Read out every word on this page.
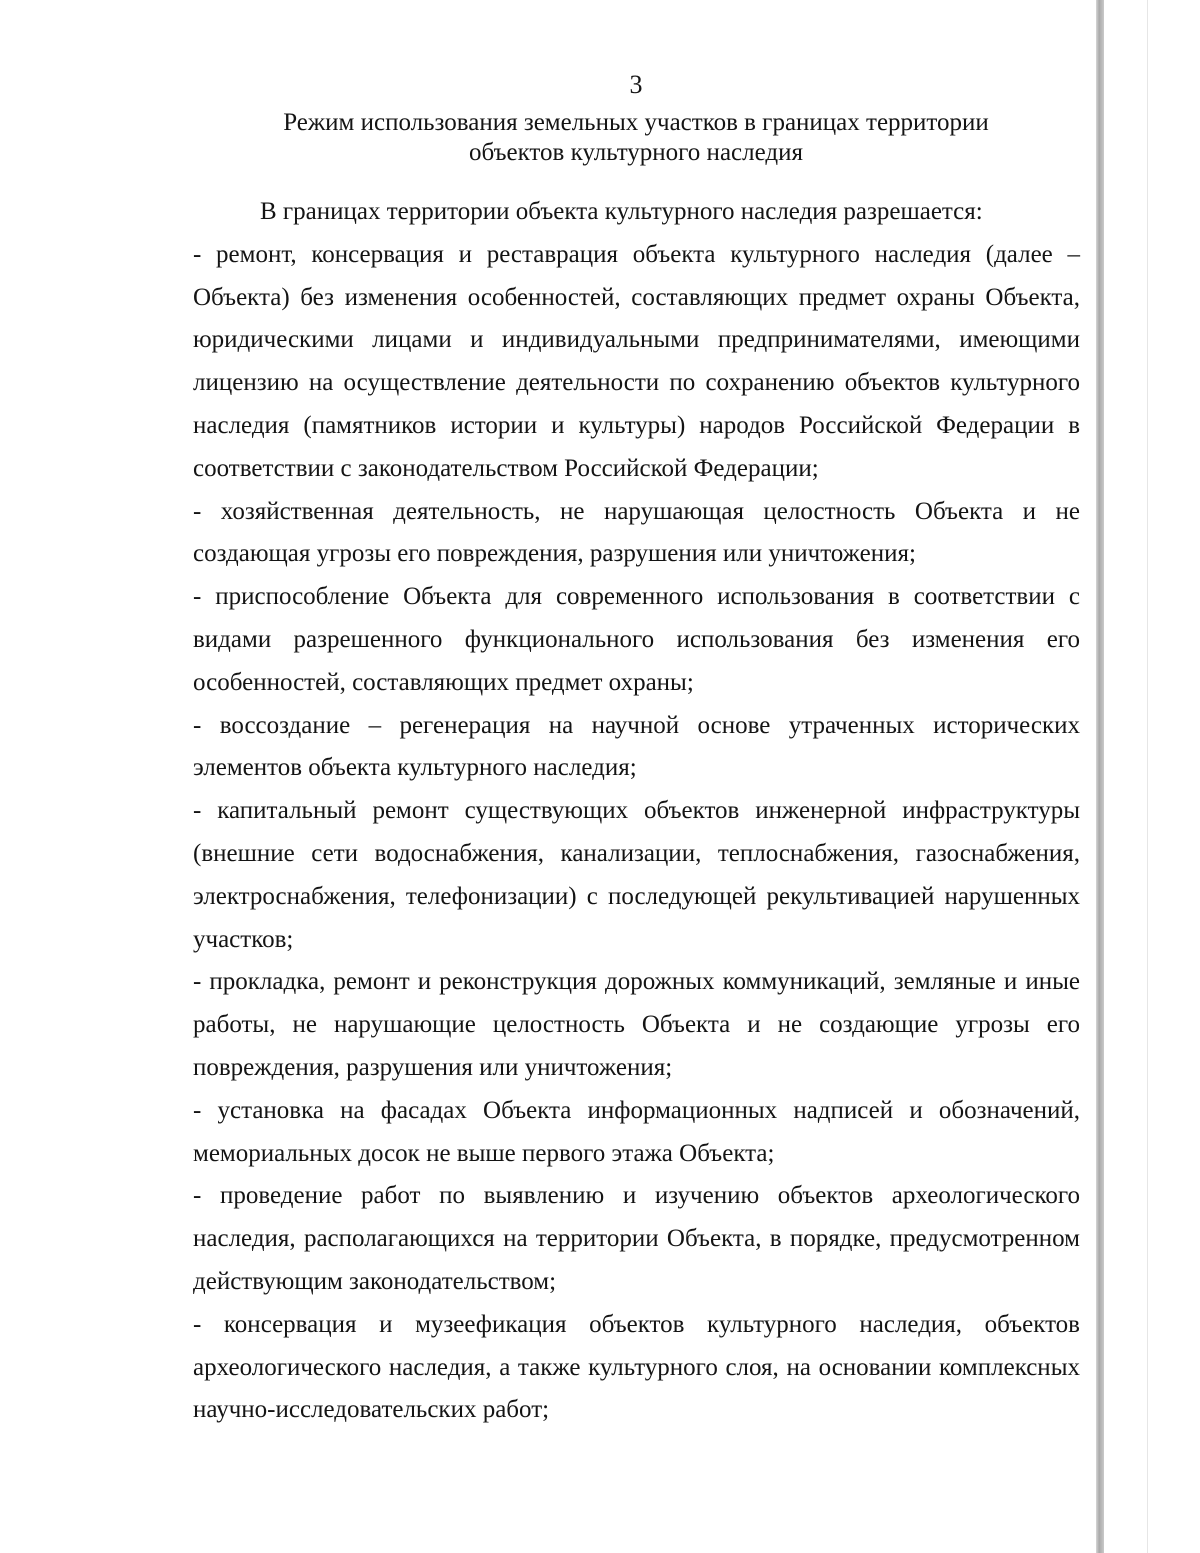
3
Режим использования земельных участков в границах территории
объектов культурного наследия

В границах территории объекта культурного наследия разрешается:

- ремонт, консервация и реставрация объекта культурного наследия (далее – Объекта) без изменения особенностей, составляющих предмет охраны Объекта, юридическими лицами и индивидуальными предпринимателями, имеющими лицензию на осуществление деятельности по сохранению объектов культурного наследия (памятников истории и культуры) народов Российской Федерации в соответствии с законодательством Российской Федерации;

- хозяйственная деятельность, не нарушающая целостность Объекта и не создающая угрозы его повреждения, разрушения или уничтожения;

- приспособление Объекта для современного использования в соответствии с видами разрешенного функционального использования без изменения его особенностей, составляющих предмет охраны;

- воссоздание – регенерация на научной основе утраченных исторических элементов объекта культурного наследия;

- капитальный ремонт существующих объектов инженерной инфраструктуры (внешние сети водоснабжения, канализации, теплоснабжения, газоснабжения, электроснабжения, телефонизации) с последующей рекультивацией нарушенных участков;

- прокладка, ремонт и реконструкция дорожных коммуникаций, земляные и иные работы, не нарушающие целостность Объекта и не создающие угрозы его повреждения, разрушения или уничтожения;

- установка на фасадах Объекта информационных надписей и обозначений, мемориальных досок не выше первого этажа Объекта;

- проведение работ по выявлению и изучению объектов археологического наследия, располагающихся на территории Объекта, в порядке, предусмотренном действующим законодательством;

- консервация и музеефикация объектов культурного наследия, объектов археологического наследия, а также культурного слоя, на основании комплексных научно-исследовательских работ;
